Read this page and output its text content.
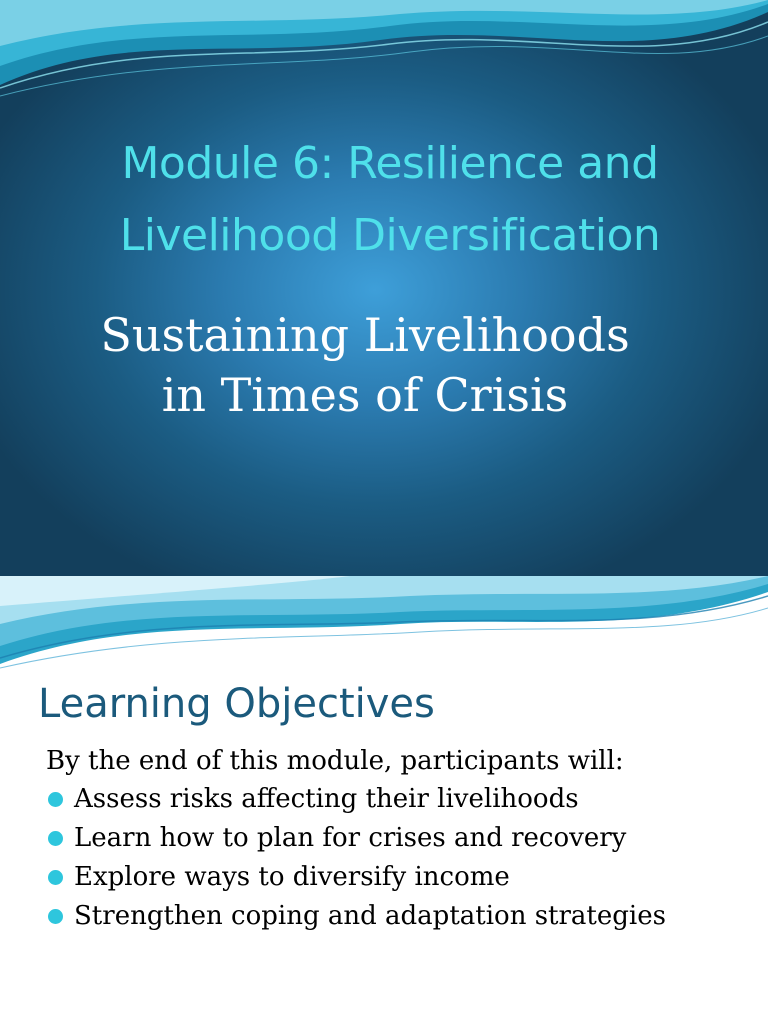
Module 6: Resilience and Livelihood Diversification

Sustaining Livelihoods
in Times of Crisis

Learning Objectives

By the end of this module, participants will:

Assess risks affecting their livelihoods
Learn how to plan for crises and recovery
Explore ways to diversify income
Strengthen coping and adaptation strategies
